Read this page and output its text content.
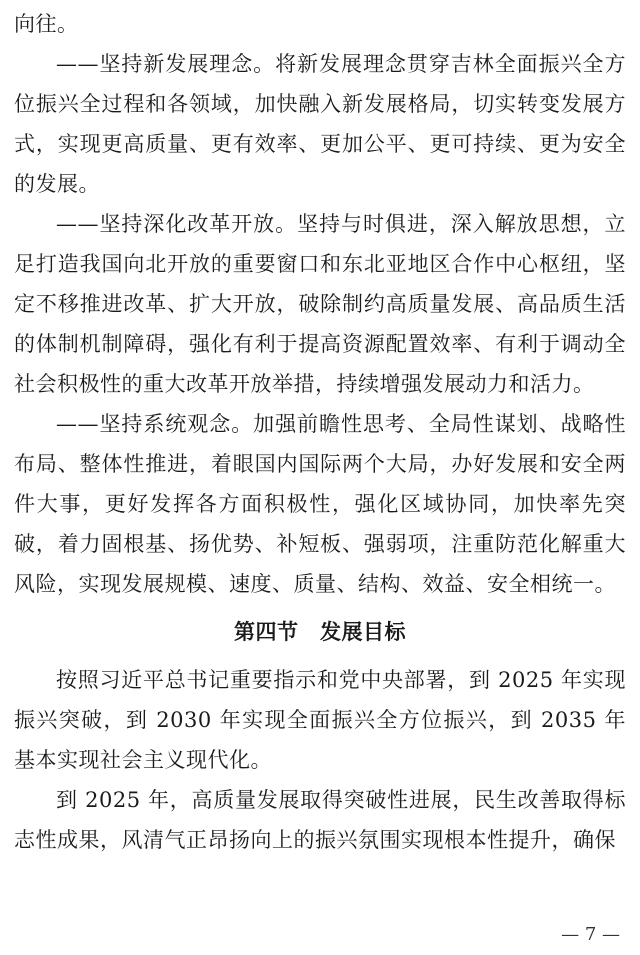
向往。

——坚持新发展理念。将新发展理念贯穿吉林全面振兴全方位振兴全过程和各领域，加快融入新发展格局，切实转变发展方式，实现更高质量、更有效率、更加公平、更可持续、更为安全的发展。

——坚持深化改革开放。坚持与时俱进，深入解放思想，立足打造我国向北开放的重要窗口和东北亚地区合作中心枢纽，坚定不移推进改革、扩大开放，破除制约高质量发展、高品质生活的体制机制障碍，强化有利于提高资源配置效率、有利于调动全社会积极性的重大改革开放举措，持续增强发展动力和活力。

——坚持系统观念。加强前瞻性思考、全局性谋划、战略性布局、整体性推进，着眼国内国际两个大局，办好发展和安全两件大事，更好发挥各方面积极性，强化区域协同，加快率先突破，着力固根基、扬优势、补短板、强弱项，注重防范化解重大风险，实现发展规模、速度、质量、结构、效益、安全相统一。

第四节　发展目标

按照习近平总书记重要指示和党中央部署，到 2025 年实现振兴突破，到 2030 年实现全面振兴全方位振兴，到 2035 年基本实现社会主义现代化。

到 2025 年，高质量发展取得突破性进展，民生改善取得标志性成果，风清气正昂扬向上的振兴氛围实现根本性提升，确保

— 7 —
